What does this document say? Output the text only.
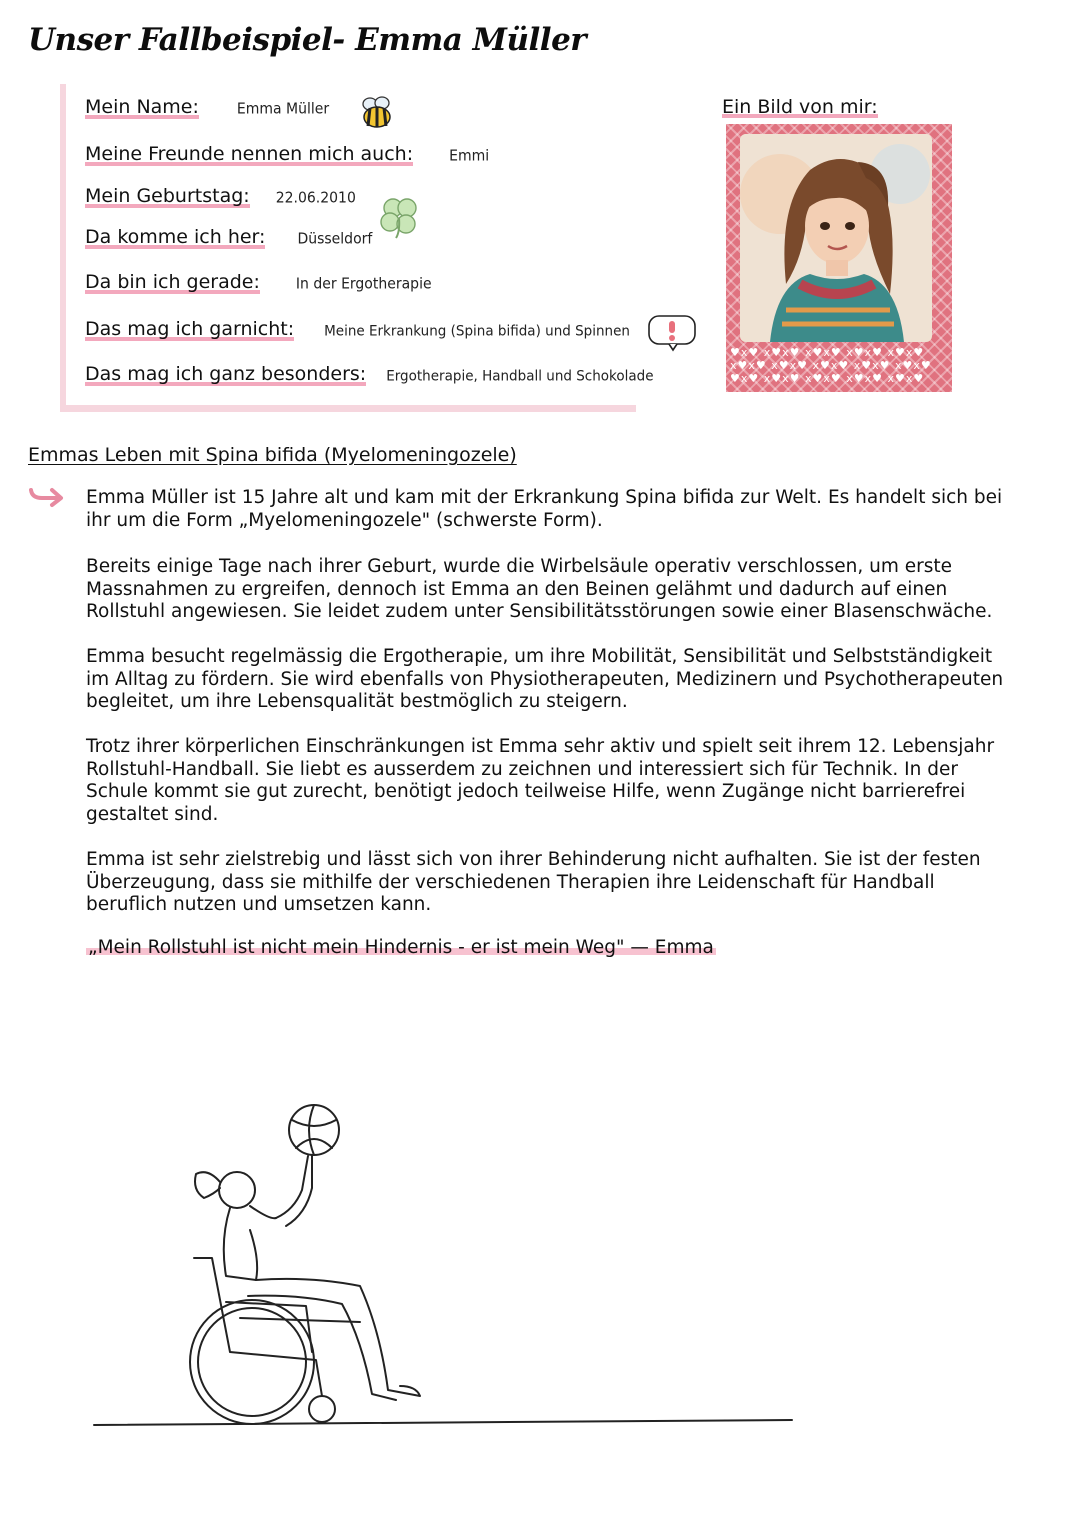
Unser Fallbeispiel- Emma Müller
Mein Name:	Emma Müller
Meine Freunde nennen mich auch:	Emmi
Mein Geburtstag: 22.06.2010
Da komme ich her: Düsseldorf
Da bin ich gerade:	In der Ergotherapie
Das mag ich garnicht: Meine Erkrankung (Spina bifida) und Spinnen
Das mag ich ganz besonders: Ergotherapie, Handball und Schokolade
Ein Bild von mir:
♥x♥ x♥x♥ x♥x♥ x♥x♥ x♥x♥
x♥x♥ x♥x♥ x♥x♥ x♥x♥ x♥x♥
♥x♥ x♥x♥ x♥x♥ x♥x♥ x♥x♥
Emmas Leben mit Spina bifida (Myelomeningozele)

Emma Müller ist 15 Jahre alt und kam mit der Erkrankung Spina bifida zur Welt. Es handelt sich bei ihr um die Form „Myelomeningozele" (schwerste Form).

Bereits einige Tage nach ihrer Geburt, wurde die Wirbelsäule operativ verschlossen, um erste Massnahmen zu ergreifen, dennoch ist Emma an den Beinen gelähmt und dadurch auf einen Rollstuhl angewiesen. Sie leidet zudem unter Sensibilitätsstörungen sowie einer Blasenschwäche.

Emma besucht regelmässig die Ergotherapie, um ihre Mobilität, Sensibilität und Selbstständigkeit im Alltag zu fördern. Sie wird ebenfalls von Physiotherapeuten, Medizinern und Psychotherapeuten begleitet, um ihre Lebensqualität bestmöglich zu steigern.

Trotz ihrer körperlichen Einschränkungen ist Emma sehr aktiv und spielt seit ihrem 12. Lebensjahr Rollstuhl-Handball. Sie liebt es ausserdem zu zeichnen und interessiert sich für Technik. In der Schule kommt sie gut zurecht, benötigt jedoch teilweise Hilfe, wenn Zugänge nicht barrierefrei gestaltet sind.

Emma ist sehr zielstrebig und lässt sich von ihrer Behinderung nicht aufhalten. Sie ist der festen Überzeugung, dass sie mithilfe der verschiedenen Therapien ihre Leidenschaft für Handball beruflich nutzen und umsetzen kann.

„Mein Rollstuhl ist nicht mein Hindernis - er ist mein Weg" — Emma
